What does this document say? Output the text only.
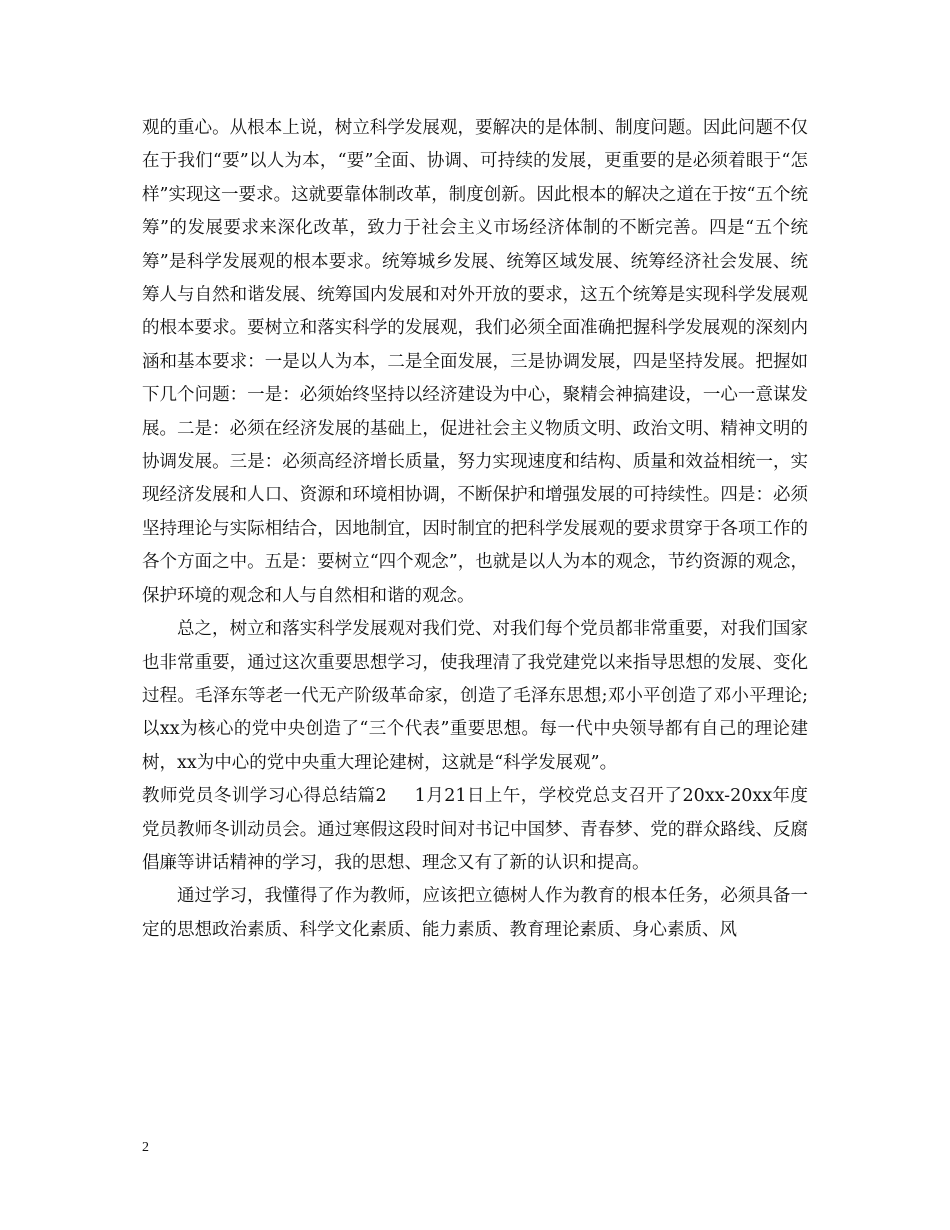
观的重心。从根本上说，树立科学发展观，要解决的是体制、制度问题。因此问题不仅在于我们“要”以人为本，“要”全面、协调、可持续的发展，更重要的是必须着眼于“怎样”实现这一要求。这就要靠体制改革，制度创新。因此根本的解决之道在于按“五个统筹”的发展要求来深化改革，致力于社会主义市场经济体制的不断完善。四是“五个统筹”是科学发展观的根本要求。统筹城乡发展、统筹区域发展、统筹经济社会发展、统筹人与自然和谐发展、统筹国内发展和对外开放的要求，这五个统筹是实现科学发展观的根本要求。要树立和落实科学的发展观，我们必须全面准确把握科学发展观的深刻内涵和基本要求：一是以人为本，二是全面发展，三是协调发展，四是坚持发展。把握如下几个问题：一是：必须始终坚持以经济建设为中心，聚精会神搞建设，一心一意谋发展。二是：必须在经济发展的基础上，促进社会主义物质文明、政治文明、精神文明的协调发展。三是：必须高经济增长质量，努力实现速度和结构、质量和效益相统一，实现经济发展和人口、资源和环境相协调，不断保护和增强发展的可持续性。四是：必须坚持理论与实际相结合，因地制宜，因时制宜的把科学发展观的要求贯穿于各项工作的各个方面之中。五是：要树立“四个观念”，也就是以人为本的观念，节约资源的观念，保护环境的观念和人与自然相和谐的观念。

总之，树立和落实科学发展观对我们党、对我们每个党员都非常重要，对我们国家也非常重要，通过这次重要思想学习，使我理清了我党建党以来指导思想的发展、变化过程。毛泽东等老一代无产阶级革命家，创造了毛泽东思想;邓小平创造了邓小平理论;以xx为核心的党中央创造了“三个代表”重要思想。每一代中央领导都有自己的理论建树，xx为中心的党中央重大理论建树，这就是“科学发展观”。

教师党员冬训学习心得总结篇2 1月21日上午，学校党总支召开了20xx-20xx年度党员教师冬训动员会。通过寒假这段时间对书记中国梦、青春梦、党的群众路线、反腐倡廉等讲话精神的学习，我的思想、理念又有了新的认识和提高。

通过学习，我懂得了作为教师，应该把立德树人作为教育的根本任务，必须具备一定的思想政治素质、科学文化素质、能力素质、教育理论素质、身心素质、风

2
